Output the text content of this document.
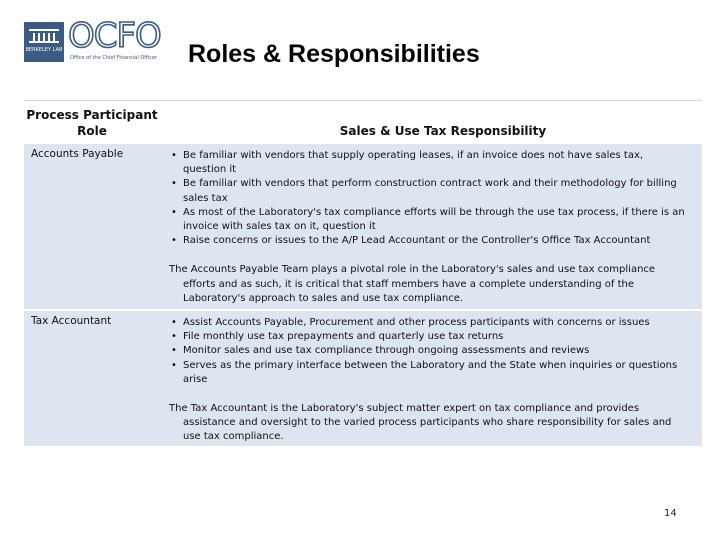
BERKELEY LAB OCFO
Office of the Chief Financial Officer Roles & Responsibilities
Process Participant Role	Sales & Use Tax Responsibility
Accounts Payable	• Be familiar with vendors that supply operating leases, if an invoice does not have sales tax, question it
• Be familiar with vendors that perform construction contract work and their methodology for billing sales tax
• As most of the Laboratory's tax compliance efforts will be through the use tax process, if there is an invoice with sales tax on it, question it
• Raise concerns or issues to the A/P Lead Accountant or the Controller's Office Tax Accountant
The Accounts Payable Team plays a pivotal role in the Laboratory's sales and use tax compliance efforts and as such, it is critical that staff members have a complete understanding of the Laboratory's approach to sales and use tax compliance.
Tax Accountant	• Assist Accounts Payable, Procurement and other process participants with concerns or issues
• File monthly use tax prepayments and quarterly use tax returns
• Monitor sales and use tax compliance through ongoing assessments and reviews
• Serves as the primary interface between the Laboratory and the State when inquiries or questions arise
The Tax Accountant is the Laboratory's subject matter expert on tax compliance and provides assistance and oversight to the varied process participants who share responsibility for sales and use tax compliance.
14
